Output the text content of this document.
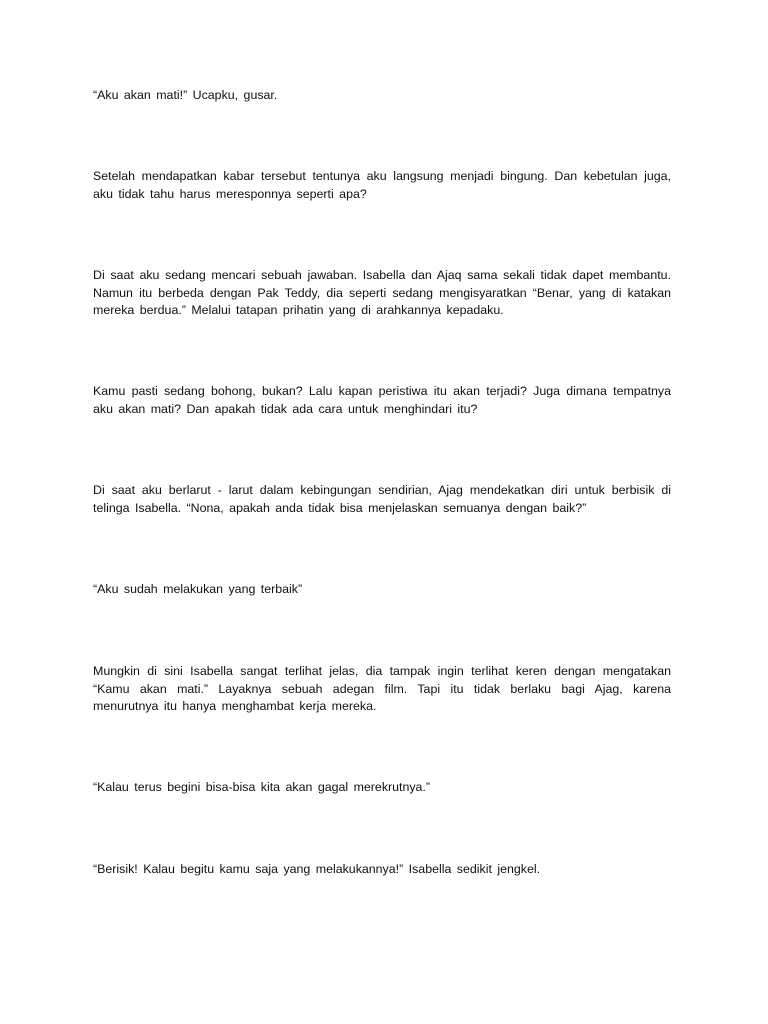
“Aku akan mati!” Ucapku, gusar.

Setelah mendapatkan kabar tersebut tentunya aku langsung menjadi bingung. Dan kebetulan juga, aku tidak tahu harus meresponnya seperti apa?

Di saat aku sedang mencari sebuah jawaban. Isabella dan Ajaq sama sekali tidak dapet membantu. Namun itu berbeda dengan Pak Teddy, dia seperti sedang mengisyaratkan “Benar, yang di katakan mereka berdua.” Melalui tatapan prihatin yang di arahkannya kepadaku.

Kamu pasti sedang bohong, bukan? Lalu kapan peristiwa itu akan terjadi? Juga dimana tempatnya aku akan mati? Dan apakah tidak ada cara untuk menghindari itu?

Di saat aku berlarut - larut dalam kebingungan sendirian, Ajag mendekatkan diri untuk berbisik di telinga Isabella. “Nona, apakah anda tidak bisa menjelaskan semuanya dengan baik?”

“Aku sudah melakukan yang terbaik”

Mungkin di sini Isabella sangat terlihat jelas, dia tampak ingin terlihat keren dengan mengatakan “Kamu akan mati.” Layaknya sebuah adegan film. Tapi itu tidak berlaku bagi Ajag, karena menurutnya itu hanya menghambat kerja mereka.

“Kalau terus begini bisa-bisa kita akan gagal merekrutnya.”

“Berisik! Kalau begitu kamu saja yang melakukannya!” Isabella sedikit jengkel.
